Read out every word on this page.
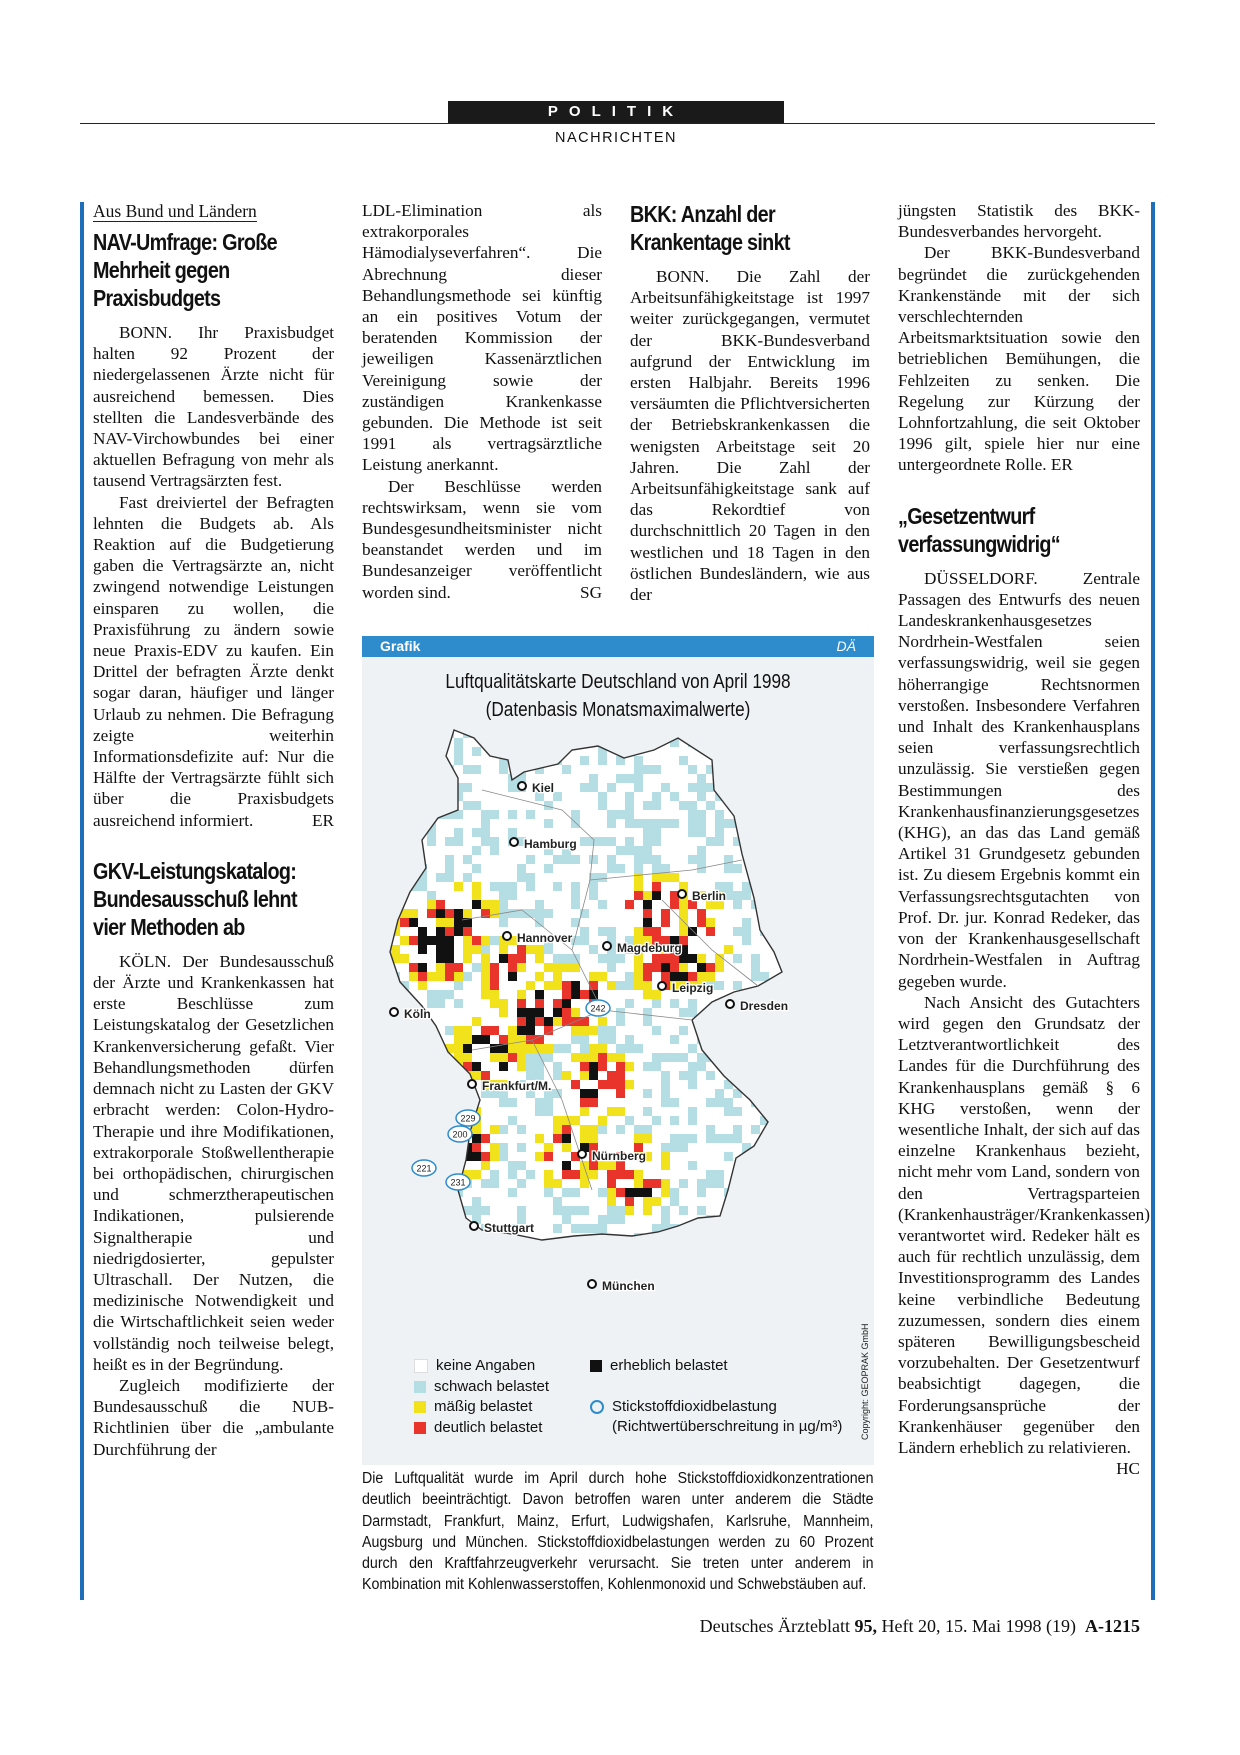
POLITIK
NACHRICHTEN
Aus Bund und Ländern
NAV-Umfrage: Große Mehrheit gegen Praxisbudgets

BONN. Ihr Praxisbudget halten 92 Prozent der niedergelassenen Ärzte nicht für ausreichend bemessen. Dies stellten die Landesverbände des NAV-Virchowbundes bei einer aktuellen Befragung von mehr als tausend Vertragsärzten fest.

Fast dreiviertel der Befragten lehnten die Budgets ab. Als Reaktion auf die Budgetierung gaben die Vertragsärzte an, nicht zwingend notwendige Leistungen einsparen zu wollen, die Praxisführung zu ändern sowie neue Praxis-EDV zu kaufen. Ein Drittel der befragten Ärzte denkt sogar daran, häufiger und länger Urlaub zu nehmen. Die Befragung zeigte weiterhin Informationsdefizite auf: Nur die Hälfte der Vertragsärzte fühlt sich über die Praxisbudgets ausreichend informiert.	ER

GKV-Leistungskatalog: Bundesausschuß lehnt vier Methoden ab

KÖLN. Der Bundesausschuß der Ärzte und Krankenkassen hat erste Beschlüsse zum Leistungskatalog der Gesetzlichen Krankenversicherung gefaßt. Vier Behandlungsmethoden dürfen demnach nicht zu Lasten der GKV erbracht werden: Colon-Hydro-Therapie und ihre Modifikationen, extrakorporale Stoßwellentherapie bei orthopädischen, chirurgischen und schmerztherapeutischen Indikationen, pulsierende Signaltherapie und niedrigdosierter, gepulster Ultraschall. Der Nutzen, die medizinische Notwendigkeit und die Wirtschaftlichkeit seien weder vollständig noch teilweise belegt, heißt es in der Begründung.

Zugleich modifizierte der Bundesausschuß die NUB-Richtlinien über die „ambulante Durchführung der

LDL-Elimination als extrakorporales Hämodialyseverfahren“. Die Abrechnung dieser Behandlungsmethode sei künftig an ein positives Votum der beratenden Kommission der jeweiligen Kassenärztlichen Vereinigung sowie der zuständigen Krankenkasse gebunden. Die Methode ist seit 1991 als vertragsärztliche Leistung anerkannt.

Der Beschlüsse werden rechtswirksam, wenn sie vom Bundesgesundheitsminister nicht beanstandet werden und im Bundesanzeiger veröffentlicht worden sind.	SG

BKK: Anzahl der Krankentage sinkt

BONN. Die Zahl der Arbeitsunfähigkeitstage ist 1997 weiter zurückgegangen, vermutet der BKK-Bundesverband aufgrund der Entwicklung im ersten Halbjahr. Bereits 1996 versäumten die Pflichtversicherten der Betriebskrankenkassen die wenigsten Arbeitstage seit 20 Jahren. Die Zahl der Arbeitsunfähigkeitstage sank auf das Rekordtief von durchschnittlich 20 Tagen in den westlichen und 18 Tagen in den östlichen Bundesländern, wie aus der

jüngsten Statistik des BKK-Bundesverbandes hervorgeht.

Der BKK-Bundesverband begründet die zurückgehenden Krankenstände mit der sich verschlechternden Arbeitsmarktsituation sowie den betrieblichen Bemühungen, die Fehlzeiten zu senken. Die Regelung zur Kürzung der Lohnfortzahlung, die seit Oktober 1996 gilt, spiele hier nur eine untergeordnete Rolle. ER

„Gesetzentwurf verfassungwidrig“

DÜSSELDORF. Zentrale Passagen des Entwurfs des neuen Landeskrankenhausgesetzes Nordrhein-Westfalen seien verfassungswidrig, weil sie gegen höherrangige Rechtsnormen verstoßen. Insbesondere Verfahren und Inhalt des Krankenhausplans seien verfassungsrechtlich unzulässig. Sie verstießen gegen Bestimmungen des Krankenhausfinanzierungsgesetzes (KHG), an das das Land gemäß Artikel 31 Grundgesetz gebunden ist. Zu diesem Ergebnis kommt ein Verfassungsrechtsgutachten von Prof. Dr. jur. Konrad Redeker, das von der Krankenhausgesellschaft Nordrhein-Westfalen in Auftrag gegeben wurde.

Nach Ansicht des Gutachters wird gegen den Grundsatz der Letztverantwortlichkeit des Landes für die Durchführung des Krankenhausplans gemäß § 6 KHG verstoßen, wenn der wesentliche Inhalt, der sich auf das einzelne Krankenhaus bezieht, nicht mehr vom Land, sondern von den Vertragsparteien (Krankenhausträger/Krankenkassen) verantwortet wird. Redeker hält es auch für rechtlich unzulässig, dem Investitionsprogramm des Landes keine verbindliche Bedeutung zuzumessen, sondern dies einem späteren Bewilligungsbescheid vorzubehalten. Der Gesetzentwurf beabsichtigt dagegen, die Forderungsansprüche der Krankenhäuser gegenüber den Ländern erheblich zu relativieren.
HC

Grafik	DÄ
Luftqualitätskarte Deutschland von April 1998
(Datenbasis Monatsmaximalwerte)
242
229
200
221
231
Kiel
Hamburg
Berlin
Hannover
Magdeburg
Leipzig
Dresden
Köln
Frankfurt/M.
Nürnberg
Stuttgart
München
keine Angaben
schwach belastet
mäßig belastet
deutlich belastet
erheblich belastet
Stickstoffdioxidbelastung
(Richtwertüberschreitung in µg/m³) Copyright: GEOPRAK GmbH
Die Luftqualität wurde im April durch hohe Stickstoffdioxidkonzentrationen deutlich beeinträchtigt. Davon betroffen waren unter anderem die Städte Darmstadt, Frankfurt, Mainz, Erfurt, Ludwigshafen, Karlsruhe, Mannheim, Augsburg und München. Stickstoffdioxidbelastungen werden zu 60 Prozent durch den Kraftfahrzeugverkehr verursacht. Sie treten unter anderem in Kombination mit Kohlenwasserstoffen, Kohlenmonoxid und Schwebstäuben auf.
Deutsches Ärzteblatt 95, Heft 20, 15. Mai 1998 (19) A-1215
